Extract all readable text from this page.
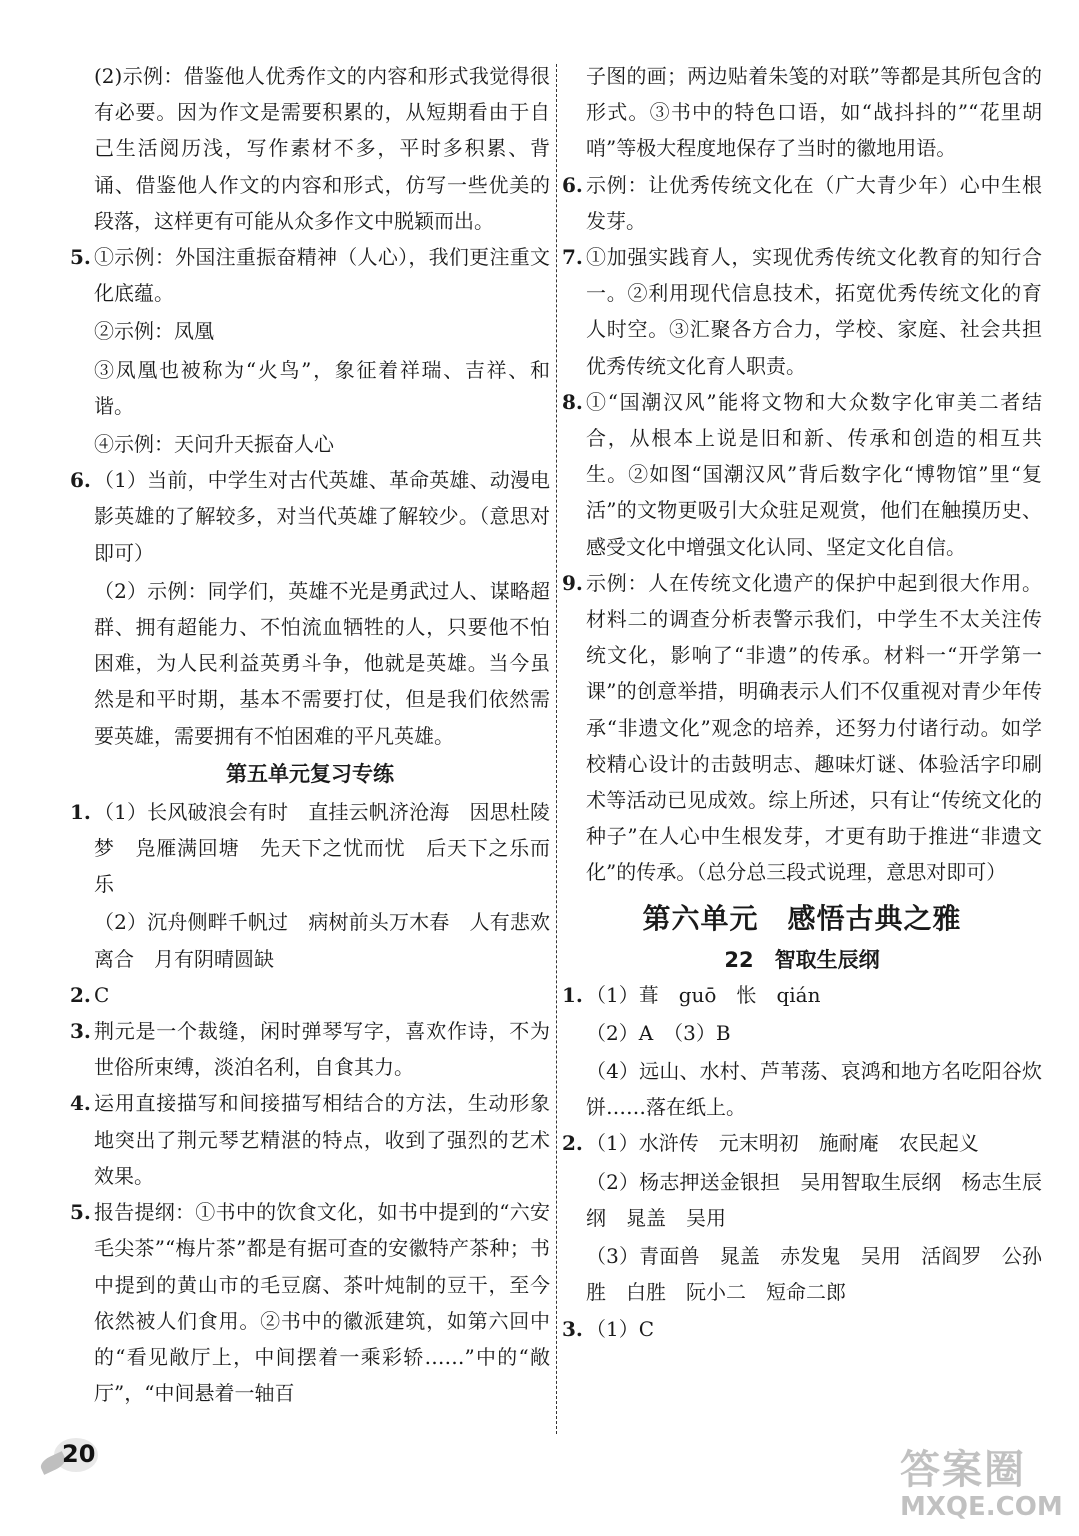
(2)示例：借鉴他人优秀作文的内容和形式我觉得很有必要。因为作文是需要积累的，从短期看由于自己生活阅历浅，写作素材不多，平时多积累、背诵、借鉴他人作文的内容和形式，仿写一些优美的段落，这样更有可能从众多作文中脱颖而出。
5. ①示例：外国注重振奋精神（人心），我们更注重文化底蕴。
②示例：凤凰
③凤凰也被称为“火鸟”，象征着祥瑞、吉祥、和谐。
④示例：天问升天振奋人心
6. （1）当前，中学生对古代英雄、革命英雄、动漫电影英雄的了解较多，对当代英雄了解较少。（意思对即可）
（2）示例：同学们，英雄不光是勇武过人、谋略超群、拥有超能力、不怕流血牺牲的人，只要他不怕困难，为人民利益英勇斗争，他就是英雄。当今虽然是和平时期，基本不需要打仗，但是我们依然需要英雄，需要拥有不怕困难的平凡英雄。
第五单元复习专练
1. （1）长风破浪会有时　直挂云帆济沧海　因思杜陵梦　凫雁满回塘　先天下之忧而忧　后天下之乐而乐
（2）沉舟侧畔千帆过　病树前头万木春　人有悲欢离合　月有阴晴圆缺
2. C
3. 荆元是一个裁缝，闲时弹琴写字，喜欢作诗，不为世俗所束缚，淡泊名利，自食其力。
4. 运用直接描写和间接描写相结合的方法，生动形象地突出了荆元琴艺精湛的特点，收到了强烈的艺术效果。
5. 报告提纲：①书中的饮食文化，如书中提到的“六安毛尖茶”“梅片茶”都是有据可查的安徽特产茶种；书中提到的黄山市的毛豆腐、茶叶炖制的豆干，至今依然被人们食用。②书中的徽派建筑，如第六回中的“看见敞厅上，中间摆着一乘彩轿……”中的“敞厅”，“中间悬着一轴百
子图的画；两边贴着朱笺的对联”等都是其所包含的形式。③书中的特色口语，如“战抖抖的”“花里胡哨”等极大程度地保存了当时的徽地用语。
6. 示例：让优秀传统文化在（广大青少年）心中生根发芽。
7. ①加强实践育人，实现优秀传统文化教育的知行合一。②利用现代信息技术，拓宽优秀传统文化的育人时空。③汇聚各方合力，学校、家庭、社会共担优秀传统文化育人职责。
8. ①“国潮汉风”能将文物和大众数字化审美二者结合，从根本上说是旧和新、传承和创造的相互共生。②如图“国潮汉风”背后数字化“博物馆”里“复活”的文物更吸引大众驻足观赏，他们在触摸历史、感受文化中增强文化认同、坚定文化自信。
9. 示例：人在传统文化遗产的保护中起到很大作用。材料二的调查分析表警示我们，中学生不太关注传统文化，影响了“非遗”的传承。材料一“开学第一课”的创意举措，明确表示人们不仅重视对青少年传承“非遗文化”观念的培养，还努力付诸行动。如学校精心设计的击鼓明志、趣味灯谜、体验活字印刷术等活动已见成效。综上所述，只有让“传统文化的种子”在人心中生根发芽，才更有助于推进“非遗文化”的传承。（总分总三段式说理，意思对即可）
第六单元　感悟古典之雅
22　智取生辰纲
1. （1）葺　guō　怅　qián
（2）A　（3）B
（4）远山、水村、芦苇荡、哀鸿和地方名吃阳谷炊饼……落在纸上。
2. （1）水浒传　元末明初　施耐庵　农民起义
（2）杨志押送金银担　吴用智取生辰纲　杨志生辰纲　晁盖　吴用
（3）青面兽　晁盖　赤发鬼　吴用　活阎罗　公孙胜　白胜　阮小二　短命二郎
3. （1）C
20	答案圈
MXQE.COM
